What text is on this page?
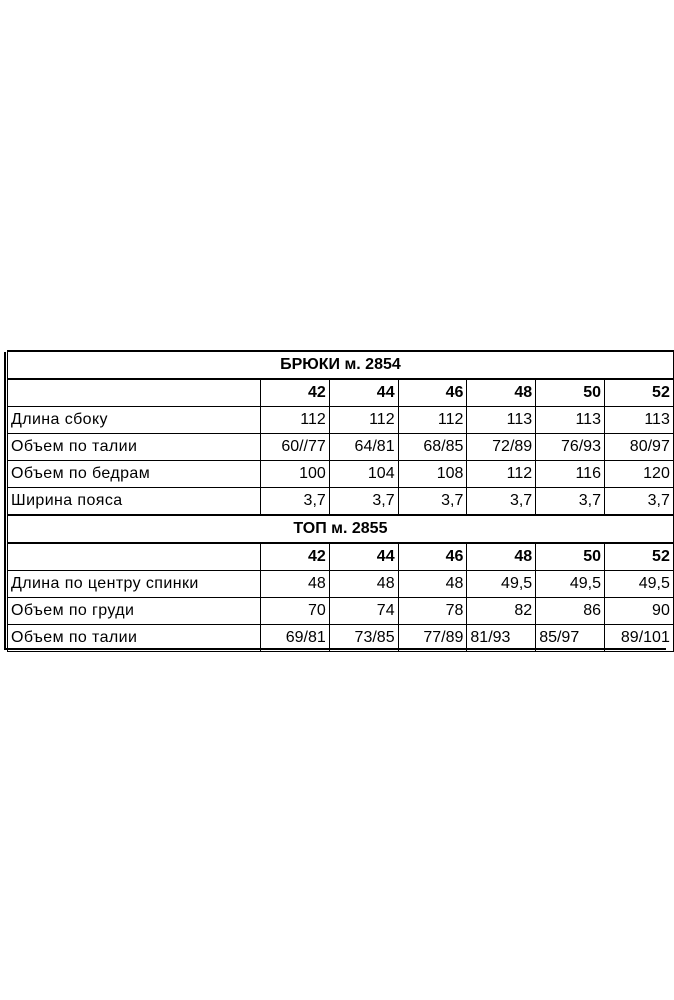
БРЮКИ м. 2854						
	42	44	46	48	50	52
Длина сбоку	112	112	112	113	113	113
Объем по талии	60//77	64/81	68/85	72/89	76/93	80/97
Объем по бедрам	100	104	108	112	116	120
Ширина пояса	3,7	3,7	3,7	3,7	3,7	3,7
ТОП м. 2855						
	42	44	46	48	50	52
Длина по центру спинки	48	48	48	49,5	49,5	49,5
Объем по груди	70	74	78	82	86	90
Объем по талии	69/81	73/85	77/89	81/93	85/97	89/101
